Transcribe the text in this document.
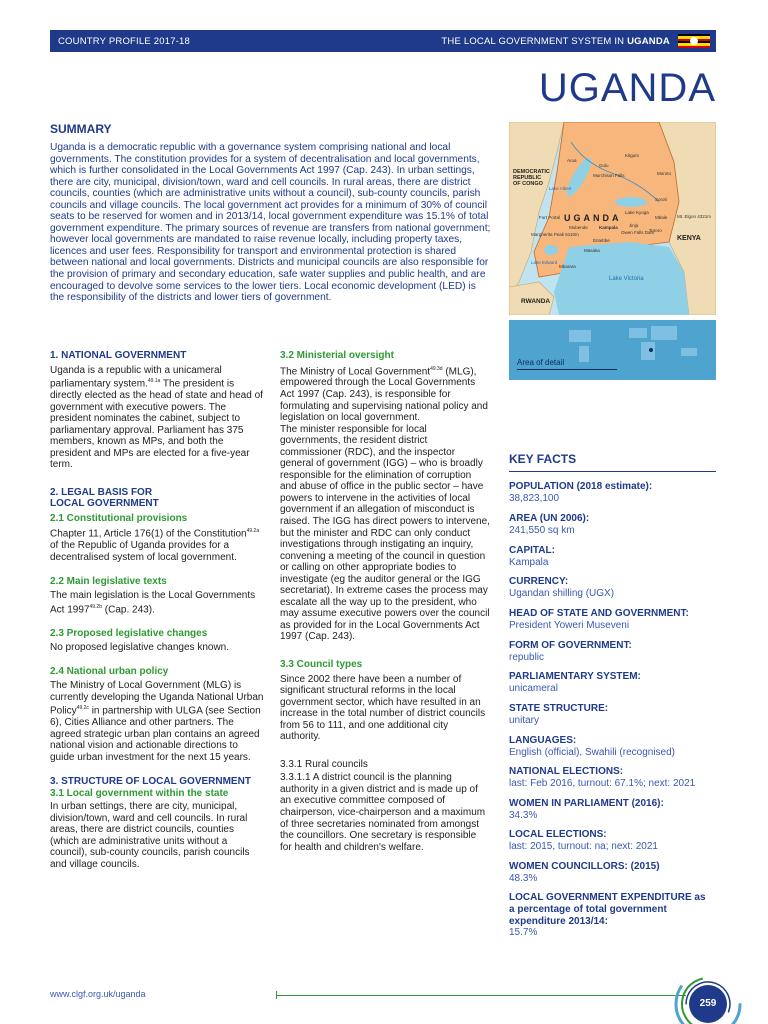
COUNTRY PROFILE 2017-18	THE LOCAL GOVERNMENT SYSTEM IN UGANDA
UGANDA
SUMMARY

Uganda is a democratic republic with a governance system comprising national and local governments. The constitution provides for a system of decentralisation and local governments, which is further consolidated in the Local Governments Act 1997 (Cap. 243). In urban settings, there are city, municipal, division/town, ward and cell councils. In rural areas, there are district councils, counties (which are administrative units without a council), sub-county councils, parish councils and village councils. The local government act provides for a minimum of 30% of council seats to be reserved for women and in 2013/14, local government expenditure was 15.1% of total government expenditure. The primary sources of revenue are transfers from national government; however local governments are mandated to raise revenue locally, including property taxes, licences and user fees. Responsibility for transport and environmental protection is shared between national and local governments. Districts and municipal councils are also responsible for the provision of primary and secondary education, safe water supplies and public health, and are encouraged to devolve some services to the lower tiers. Local economic development (LED) is the responsibility of the districts and lower tiers of government.

UGANDA
DEMOCRATIC REPUBLIC OF CONGO
KENYA
RWANDA
Kitgum
Arua
Gulu
Murchison Falls	Moroto
Lake Kyoga
Lake Albert
Soroti
Mbale Mt. Elgon 4321m
Tororo
Jinja
Kampala
Owen Falls Dam
Entebbe
Mubende
Fort Portal
Margherita Peak 5110m
Lake Edward
Masaka
Mbarara
Lake Victoria
Area of detail

1. NATIONAL GOVERNMENT

Uganda is a republic with a unicameral parliamentary system.$^{49.1a}$ The president is directly elected as the head of state and head of government with executive powers. The president nominates the cabinet, subject to parliamentary approval. Parliament has 375 members, known as MPs, and both the president and MPs are elected for a five-year term.

2. LEGAL BASIS FOR

LOCAL GOVERNMENT

2.1 Constitutional provisions

Chapter 11, Article 176(1) of the Constitution$^{49.2a}$ of the Republic of Uganda provides for a decentralised system of local government.

2.2 Main legislative texts

The main legislation is the Local Governments Act $1997^{49.2b}$ (Cap. 243).

2.3 Proposed legislative changes

No proposed legislative changes known.

2.4 National urban policy

The Ministry of Local Government (MLG) is currently developing the Uganda National Urban Policy$^{49.2c}$ in partnership with ULGA (see Section 6), Cities Alliance and other partners. The agreed strategic urban plan contains an agreed national vision and actionable directions to guide urban investment for the next 15 years.

3. STRUCTURE OF LOCAL GOVERNMENT

3.1 Local government within the state

In urban settings, there are city, municipal, division/town, ward and cell councils. In rural areas, there are district councils, counties (which are administrative units without a council), sub-county councils, parish councils and village councils.

3.2 Ministerial oversight

The Ministry of Local Government$^{49.3d}$ (MLG), empowered through the Local Governments Act 1997 (Cap. 243), is responsible for formulating and supervising national policy and legislation on local government.

The minister responsible for local governments, the resident district commissioner (RDC), and the inspector general of government (IGG) – who is broadly responsible for the elimination of corruption and abuse of office in the public sector – have powers to intervene in the activities of local government if an allegation of misconduct is raised. The IGG has direct powers to intervene, but the minister and RDC can only conduct investigations through instigating an inquiry, convening a meeting of the council in question or calling on other appropriate bodies to investigate (eg the auditor general or the IGG secretariat). In extreme cases the process may escalate all the way up to the president, who may assume executive powers over the council as provided for in the Local Governments Act 1997 (Cap. 243).

3.3 Council types

Since 2002 there have been a number of significant structural reforms in the local government sector, which have resulted in an increase in the total number of district councils from 56 to 111, and one additional city authority.

3.3.1 Rural councils

3.3.1.1 A district council is the planning authority in a given district and is made up of an executive committee composed of chairperson, vice-chairperson and a maximum of three secretaries nominated from amongst the councillors. One secretary is responsible for health and children's welfare.

KEY FACTS
POPULATION (2018 estimate):
38,823,100
AREA (UN 2006):
241,550 sq km
CAPITAL:
Kampala
CURRENCY:
Ugandan shilling (UGX)
HEAD OF STATE AND GOVERNMENT:
President Yoweri Museveni
FORM OF GOVERNMENT:
republic
PARLIAMENTARY SYSTEM:
unicameral
STATE STRUCTURE:
unitary
LANGUAGES:
English (official), Swahili (recognised)
NATIONAL ELECTIONS:
last: Feb 2016, turnout: 67.1%; next: 2021
WOMEN IN PARLIAMENT (2016):
34.3%
LOCAL ELECTIONS:
last: 2015, turnout: na; next: 2021
WOMEN COUNCILLORS: (2015)
48.3%
LOCAL GOVERNMENT EXPENDITURE as a percentage of total government expenditure 2013/14:
15.7%
www.clgf.org.uk/uganda
259
